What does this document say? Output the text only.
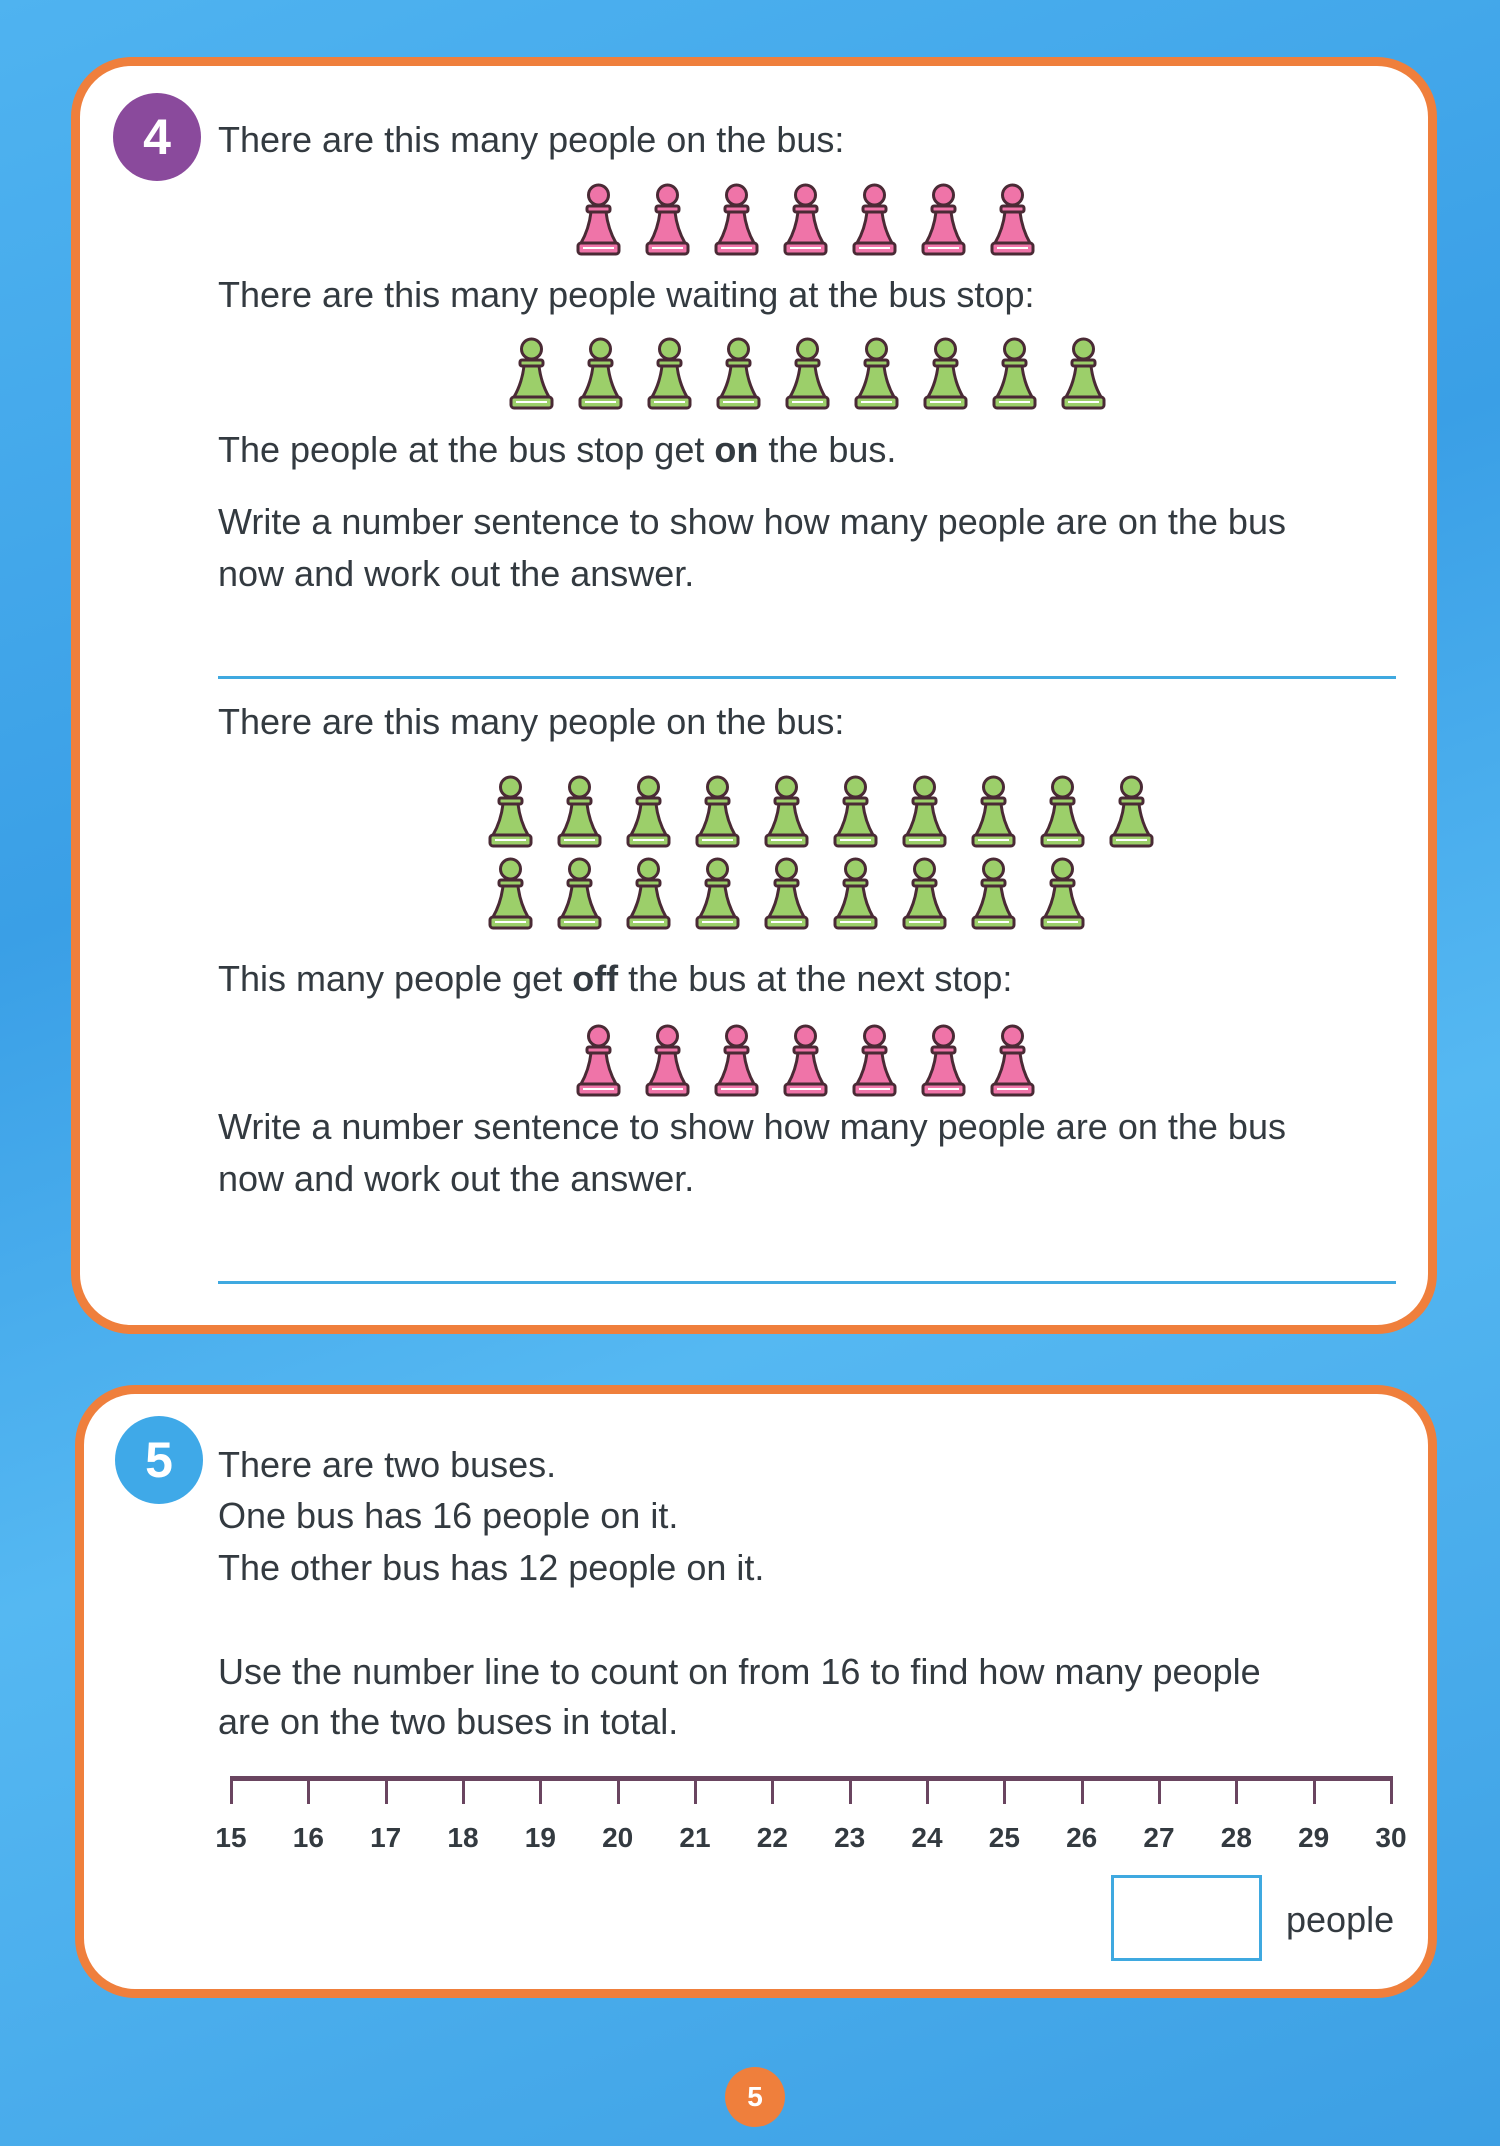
4	There are this many people on the bus:
There are this many people waiting at the bus stop:
The people at the bus stop get on the bus.
Write a number sentence to show how many people are on the bus
now and work out the answer.
There are this many people on the bus:
This many people get off the bus at the next stop:
Write a number sentence to show how many people are on the bus
now and work out the answer.
5	There are two buses.
One bus has 16 people on it.
The other bus has 12 people on it.
Use the number line to count on from 16 to find how many people
are on the two buses in total.
15 16 17 18 19 20 21 22 23 24 25 26 27 28 29 30
people
5
